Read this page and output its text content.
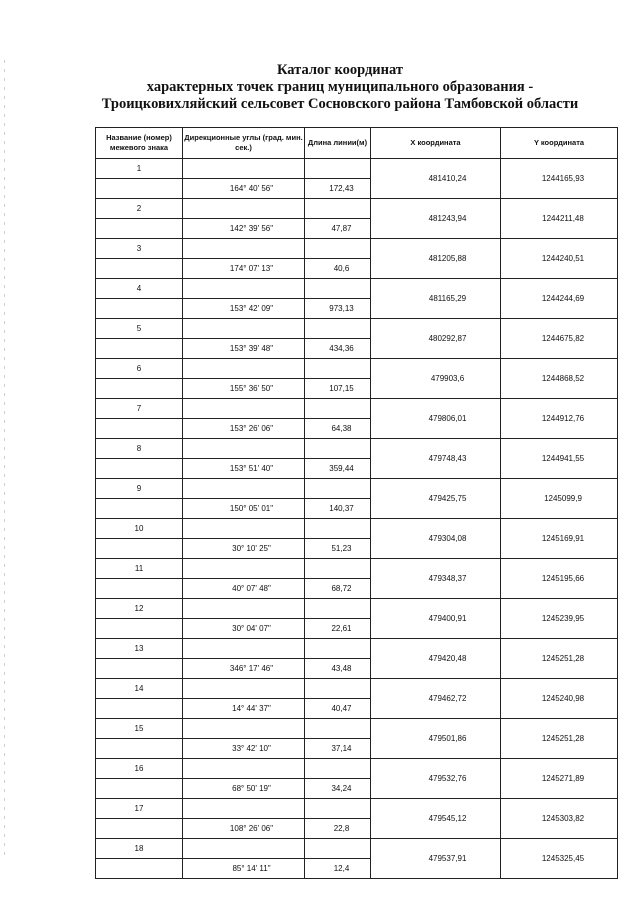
Каталог координат
характерных точек границ муниципального образования -
Троицковихляйский сельсовет Сосновского района Тамбовской области
Название (номер) межевого знака	Дирекционные углы (град. мин. сек.)	Длина линии(м)	X координата	Y координата
1			481410,24	1244165,93
	164° 40' 56"	172,43		
2			481243,94	1244211,48
	142° 39' 56"	47,87		
3			481205,88	1244240,51
	174° 07' 13"	40,6		
4			481165,29	1244244,69
	153° 42' 09"	973,13		
5			480292,87	1244675,82
	153° 39' 48"	434,36		
6			479903,6	1244868,52
	155° 36' 50"	107,15		
7			479806,01	1244912,76
	153° 26' 06"	64,38		
8			479748,43	1244941,55
	153° 51' 40"	359,44		
9			479425,75	1245099,9
	150° 05' 01"	140,37		
10			479304,08	1245169,91
	30° 10' 25"	51,23		
11			479348,37	1245195,66
	40° 07' 48"	68,72		
12			479400,91	1245239,95
	30° 04' 07"	22,61		
13			479420,48	1245251,28
	346° 17' 46"	43,48		
14			479462,72	1245240,98
	14° 44' 37"	40,47		
15			479501,86	1245251,28
	33° 42' 10"	37,14		
16			479532,76	1245271,89
	68° 50' 19"	34,24		
17			479545,12	1245303,82
	108° 26' 06"	22,8		
18			479537,91	1245325,45
	85° 14' 11"	12,4		
